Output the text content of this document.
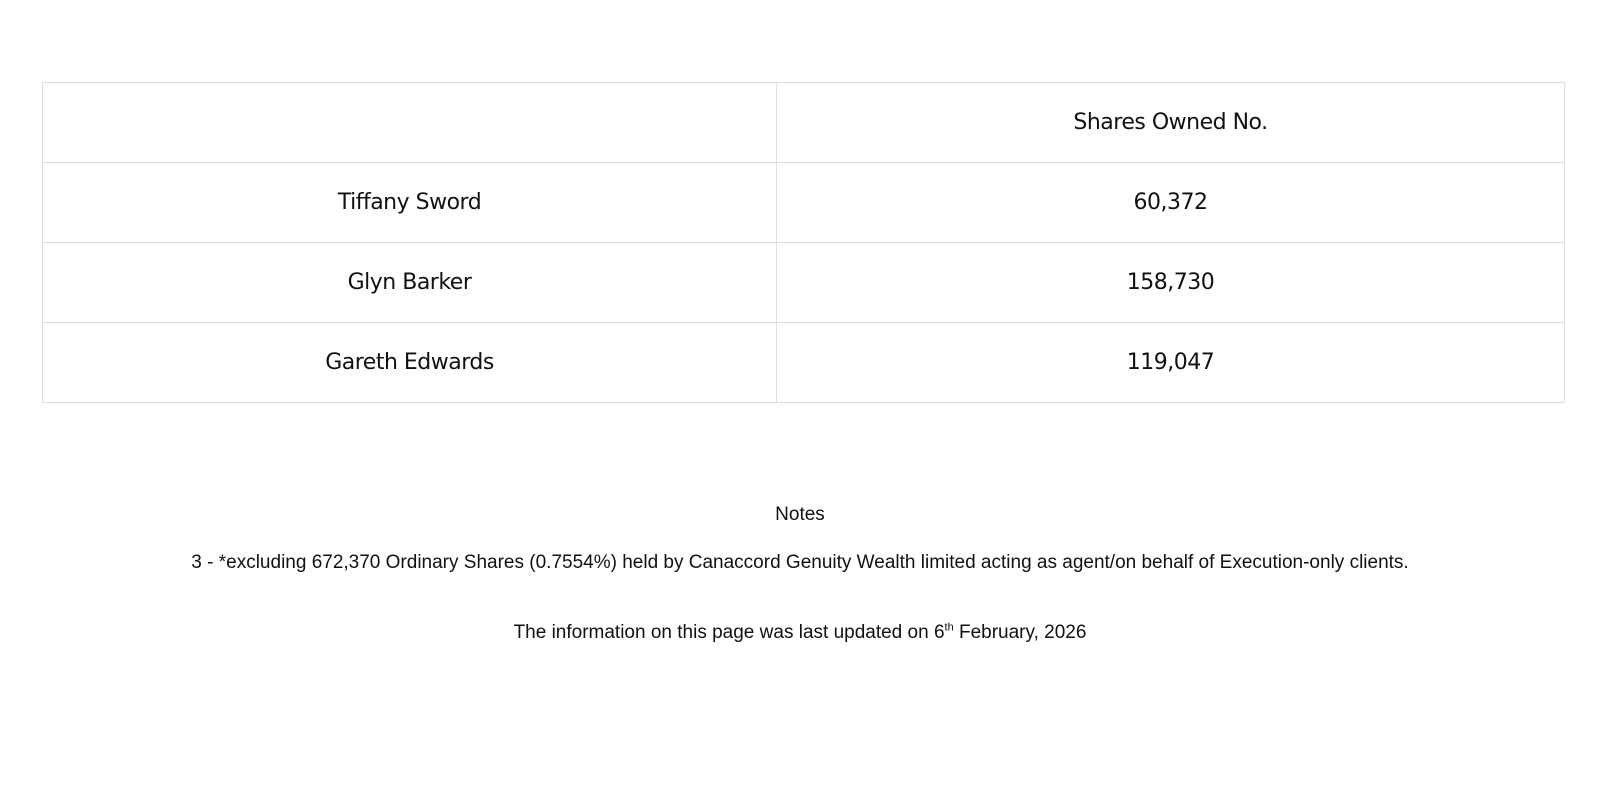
	Shares Owned No.
Tiffany Sword	60,372
Glyn Barker	158,730
Gareth Edwards	119,047

Notes

3 - *excluding 672,370 Ordinary Shares (0.7554%) held by Canaccord Genuity Wealth limited acting as agent/on behalf of Execution-only clients.

The information on this page was last updated on 6th February, 2026
